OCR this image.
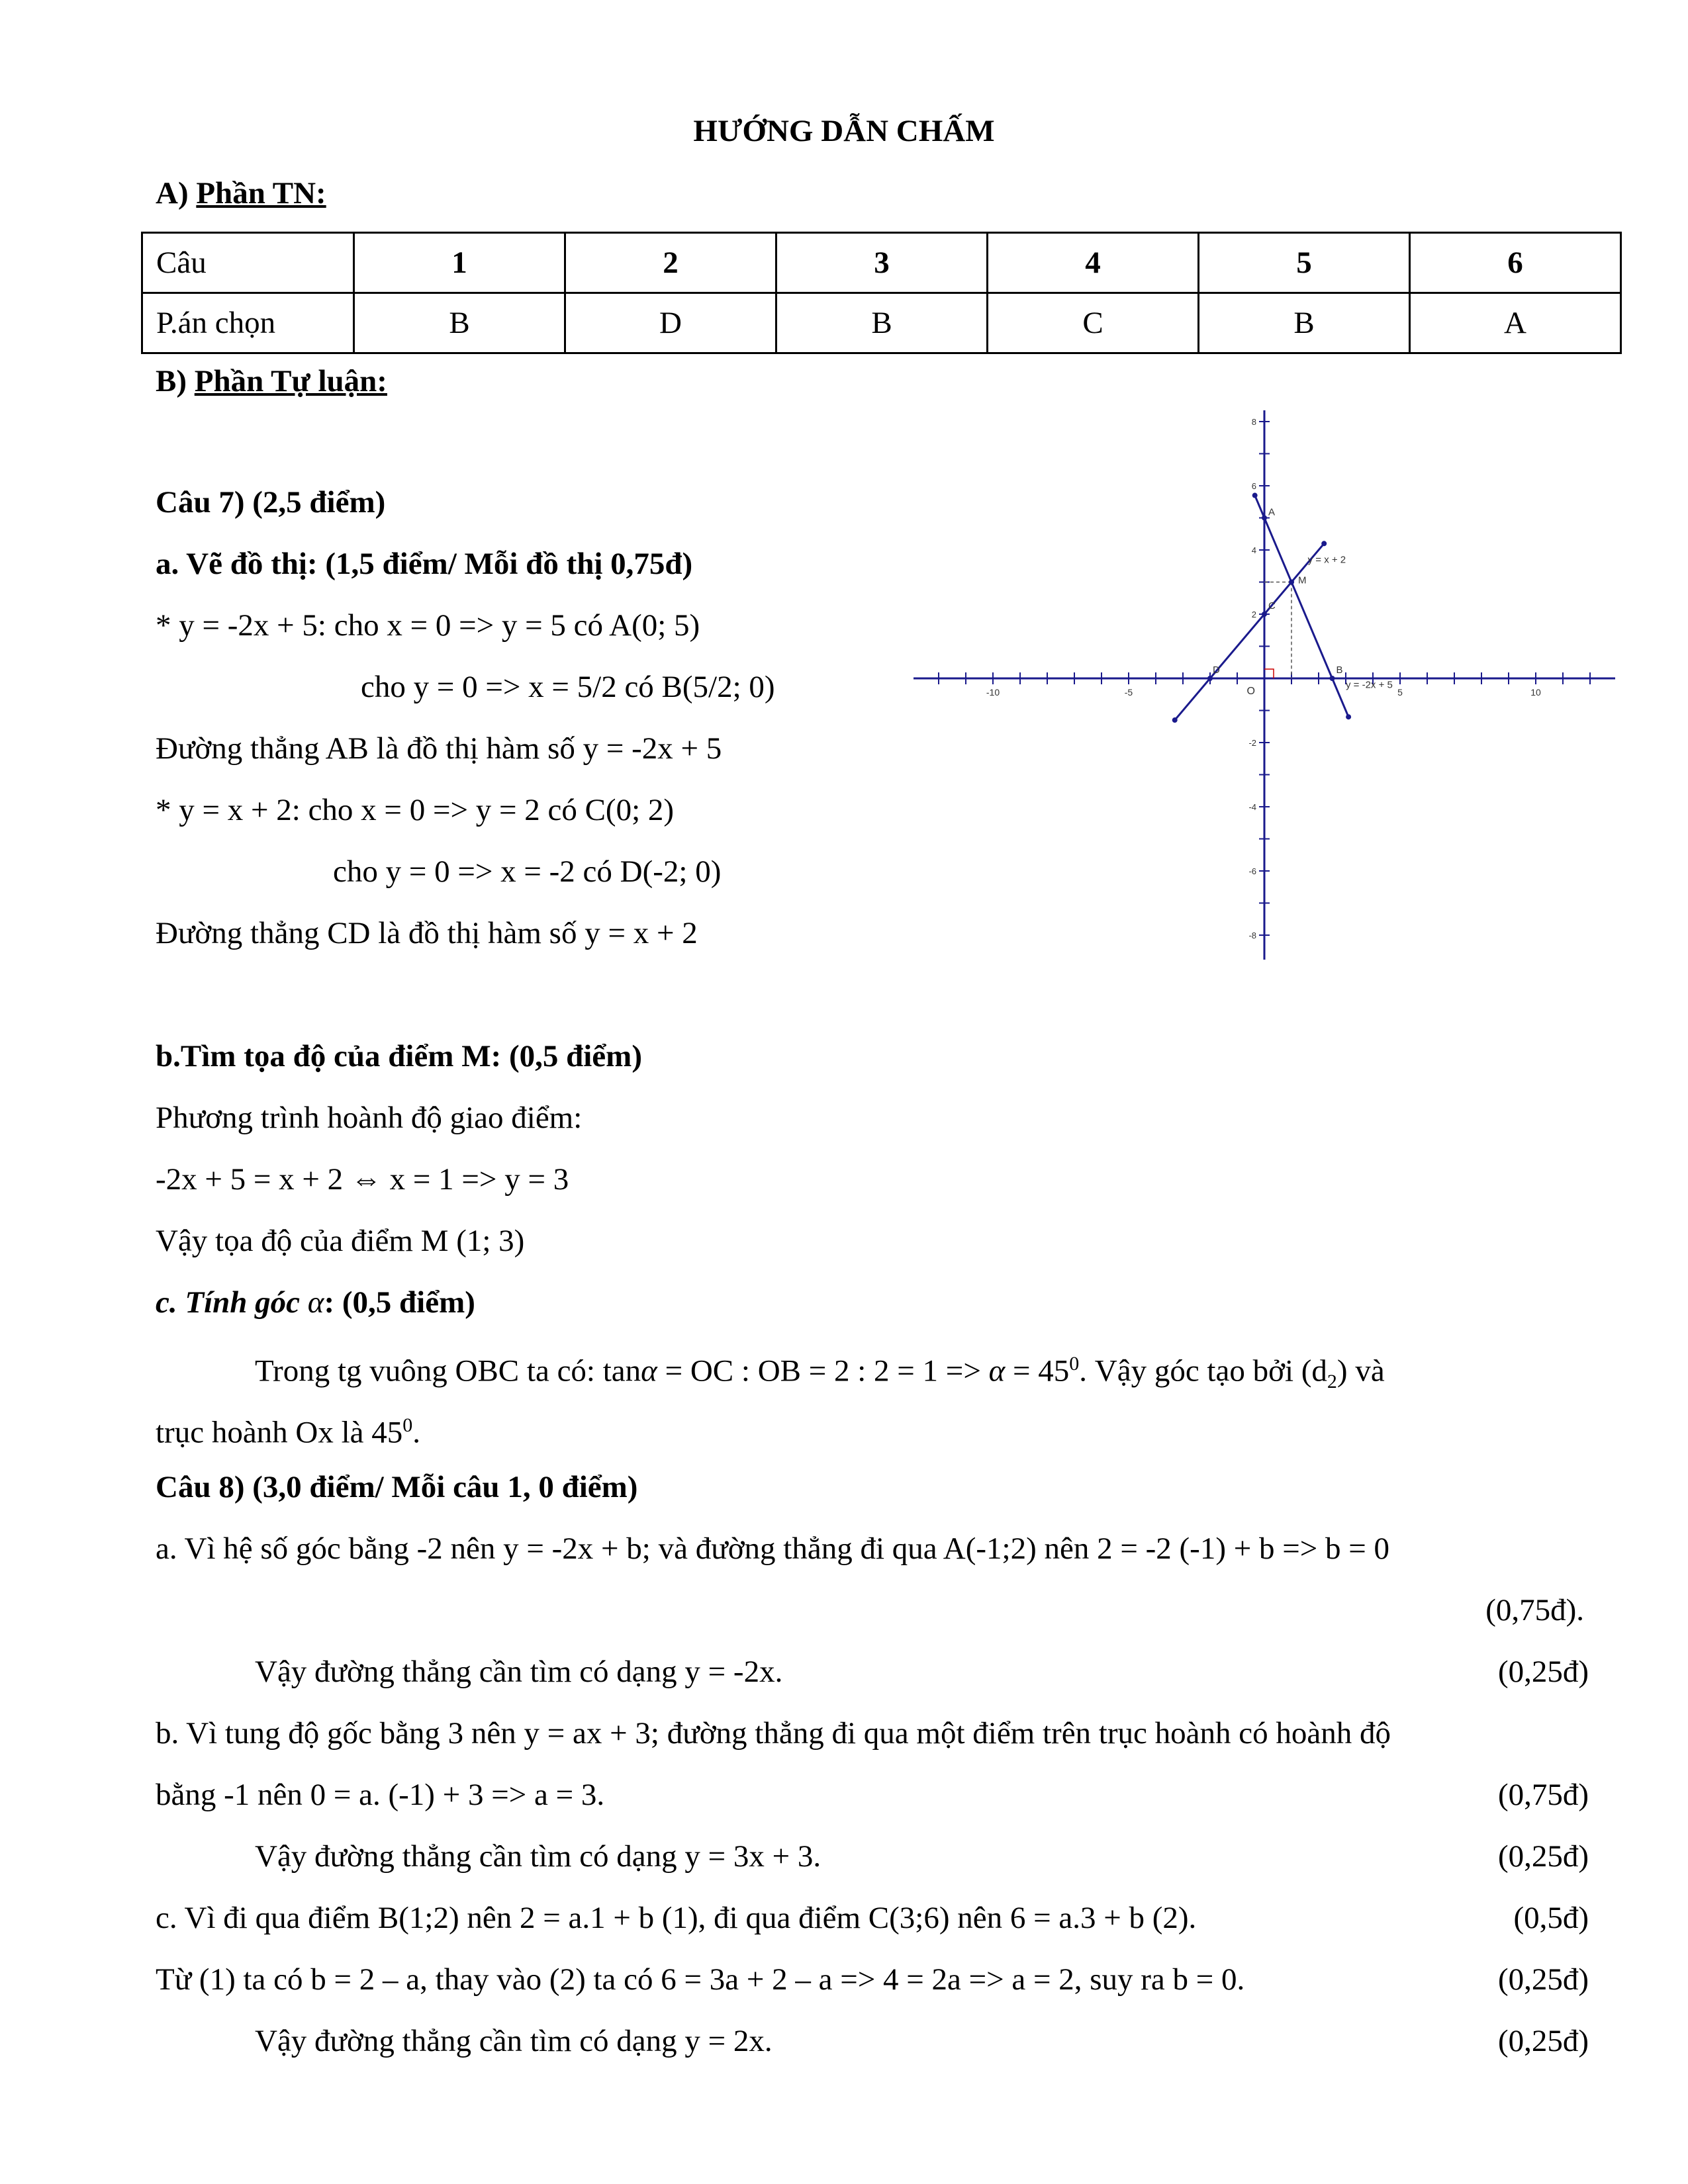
HƯỚNG DẪN CHẤM
A) Phần TN:
Câu	1	2	3	4	5	6
P.án chọn	B	D	B	C	B	A
B) Phần Tự luận:
Câu 7) (2,5 điểm)
a. Vẽ đồ thị: (1,5 điểm/ Mỗi đồ thị 0,75đ)
* y = -2x + 5: cho x = 0 => y = 5 có A(0; 5)
cho y = 0 => x = 5/2 có B(5/2; 0)
Đường thẳng AB là đồ thị hàm số y = -2x + 5
* y = x + 2: cho x = 0 => y = 2 có C(0; 2)
cho y = 0 => x = -2 có D(-2; 0)
Đường thẳng CD là đồ thị hàm số y = x + 2
b.Tìm tọa độ của điểm M: (0,5 điểm)
Phương trình hoành độ giao điểm:
-2x + 5 = x + 2 ⇔ x = 1 => y = 3
Vậy tọa độ của điểm M (1; 3)
c. Tính góc α: (0,5 điểm)
Trong tg vuông OBC ta có: tanα = OC : OB = 2 : $2 = 1 => \alpha = 45^0$. Vậy góc tạo bởi $(d_2)$ và
trục hoành Ox là $45^0$.
Câu 8) (3,0 điểm/ Mỗi câu 1, 0 điểm)
a. Vì hệ số góc bằng -2 nên y = -2x + b; và đường thẳng đi qua A(-1;2) nên 2 = -2 (-1) + b => b = 0
(0,75đ).
Vậy đường thẳng cần tìm có dạng y = -2x.	(0,25đ)
b. Vì tung độ gốc bằng 3 nên y = ax + 3; đường thẳng đi qua một điểm trên trục hoành có hoành độ
bằng -1 nên 0 = a. (-1) + 3 => a = 3.	(0,75đ)
Vậy đường thẳng cần tìm có dạng y = 3x + 3.	(0,25đ)
c. Vì đi qua điểm B(1;2) nên 2 = a.1 + b (1), đi qua điểm C(3;6) nên 6 = a.3 + b (2).	(0,5đ)
Từ (1) ta có b = 2 – a, thay vào (2) ta có 6 = 3a + 2 – a => 4 = 2a => a = 2, suy ra b = 0.	(0,25đ)
Vậy đường thẳng cần tìm có dạng y = 2x.	(0,25đ)
-10	-5	5	10
8
6
4
2
-2
-4
-6
-8
O
A
B
C
D
M
y = -2x + 5
y = x + 2
